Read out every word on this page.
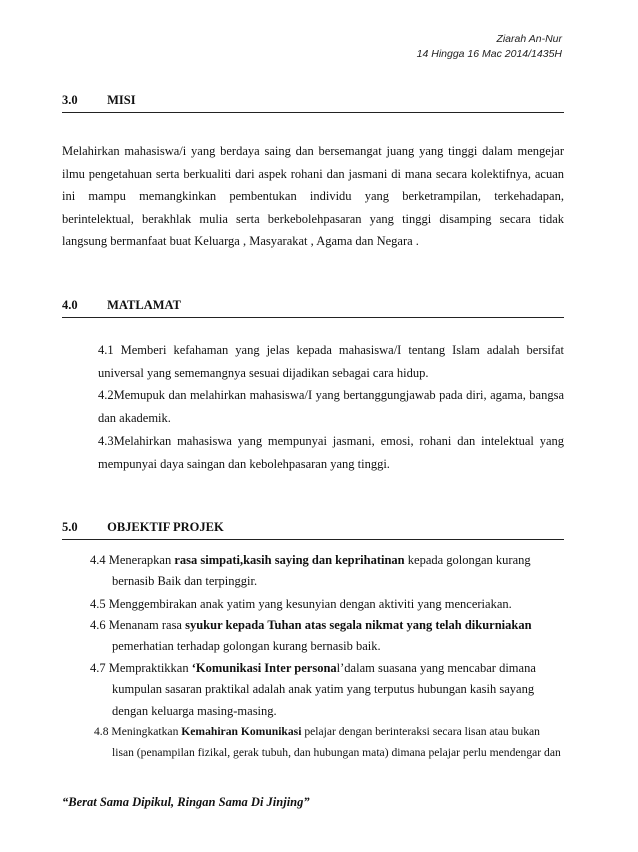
Ziarah An-Nur
14 Hingga 16 Mac 2014/1435H
3.0 MISI

Melahirkan mahasiswa/i yang berdaya saing dan bersemangat juang yang tinggi dalam mengejar ilmu pengetahuan serta berkualiti dari aspek rohani dan jasmani di mana secara kolektifnya, acuan ini mampu memangkinkan pembentukan individu yang berketrampilan, terkehadapan, berintelektual, berakhlak mulia serta berkebolehpasaran yang tinggi disamping secara tidak langsung bermanfaat buat Keluarga , Masyarakat , Agama dan Negara .

4.0 MATLAMAT

4.1 Memberi kefahaman yang jelas kepada mahasiswa/I tentang Islam adalah bersifat universal yang sememangnya sesuai dijadikan sebagai cara hidup.

4.2Memupuk dan melahirkan mahasiswa/I yang bertanggungjawab pada diri, agama, bangsa dan akademik.

4.3Melahirkan mahasiswa yang mempunyai jasmani, emosi, rohani dan intelektual yang mempunyai daya saingan dan kebolehpasaran yang tinggi.

5.0 OBJEKTIF PROJEK

4.4 Menerapkan rasa simpati,kasih saying dan keprihatinan kepada golongan kurang
bernasib Baik dan terpinggir.

4.5 Menggembirakan anak yatim yang kesunyian dengan aktiviti yang menceriakan.

4.6 Menanam rasa syukur kepada Tuhan atas segala nikmat yang telah dikurniakan
pemerhatian terhadap golongan kurang bernasib baik.

4.7 Mempraktikkan ‘Komunikasi Inter personal’dalam suasana yang mencabar dimana
kumpulan sasaran praktikal adalah anak yatim yang terputus hubungan kasih sayang
dengan keluarga masing-masing.

4.8 Meningkatkan Kemahiran Komunikasi pelajar dengan berinteraksi secara lisan atau bukan
lisan (penampilan fizikal, gerak tubuh, dan hubungan mata) dimana pelajar perlu mendengar dan

“Berat Sama Dipikul, Ringan Sama Di Jinjing”
